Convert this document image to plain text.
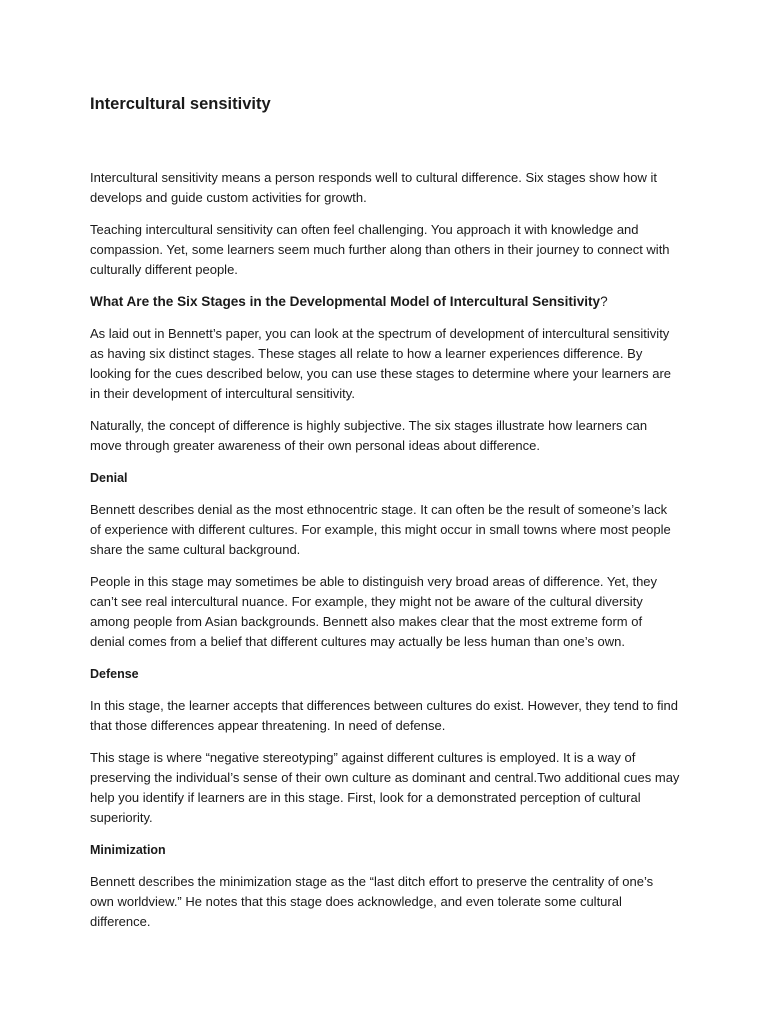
Intercultural sensitivity

Intercultural sensitivity means a person responds well to cultural difference. Six stages show how it develops and guide custom activities for growth.

Teaching intercultural sensitivity can often feel challenging. You approach it with knowledge and compassion. Yet, some learners seem much further along than others in their journey to connect with culturally different people.

What Are the Six Stages in the Developmental Model of Intercultural Sensitivity?

As laid out in Bennett’s paper, you can look at the spectrum of development of intercultural sensitivity as having six distinct stages. These stages all relate to how a learner experiences difference. By looking for the cues described below, you can use these stages to determine where your learners are in their development of intercultural sensitivity.

Naturally, the concept of difference is highly subjective. The six stages illustrate how learners can move through greater awareness of their own personal ideas about difference.

Denial

Bennett describes denial as the most ethnocentric stage. It can often be the result of someone’s lack of experience with different cultures. For example, this might occur in small towns where most people share the same cultural background.

People in this stage may sometimes be able to distinguish very broad areas of difference. Yet, they can’t see real intercultural nuance. For example, they might not be aware of the cultural diversity among people from Asian backgrounds. Bennett also makes clear that the most extreme form of denial comes from a belief that different cultures may actually be less human than one’s own.

Defense

In this stage, the learner accepts that differences between cultures do exist. However, they tend to find that those differences appear threatening. In need of defense.

This stage is where “negative stereotyping” against different cultures is employed. It is a way of preserving the individual’s sense of their own culture as dominant and central.Two additional cues may help you identify if learners are in this stage. First, look for a demonstrated perception of cultural superiority.

Minimization

Bennett describes the minimization stage as the “last ditch effort to preserve the centrality of one’s own worldview.” He notes that this stage does acknowledge, and even tolerate some cultural difference.
